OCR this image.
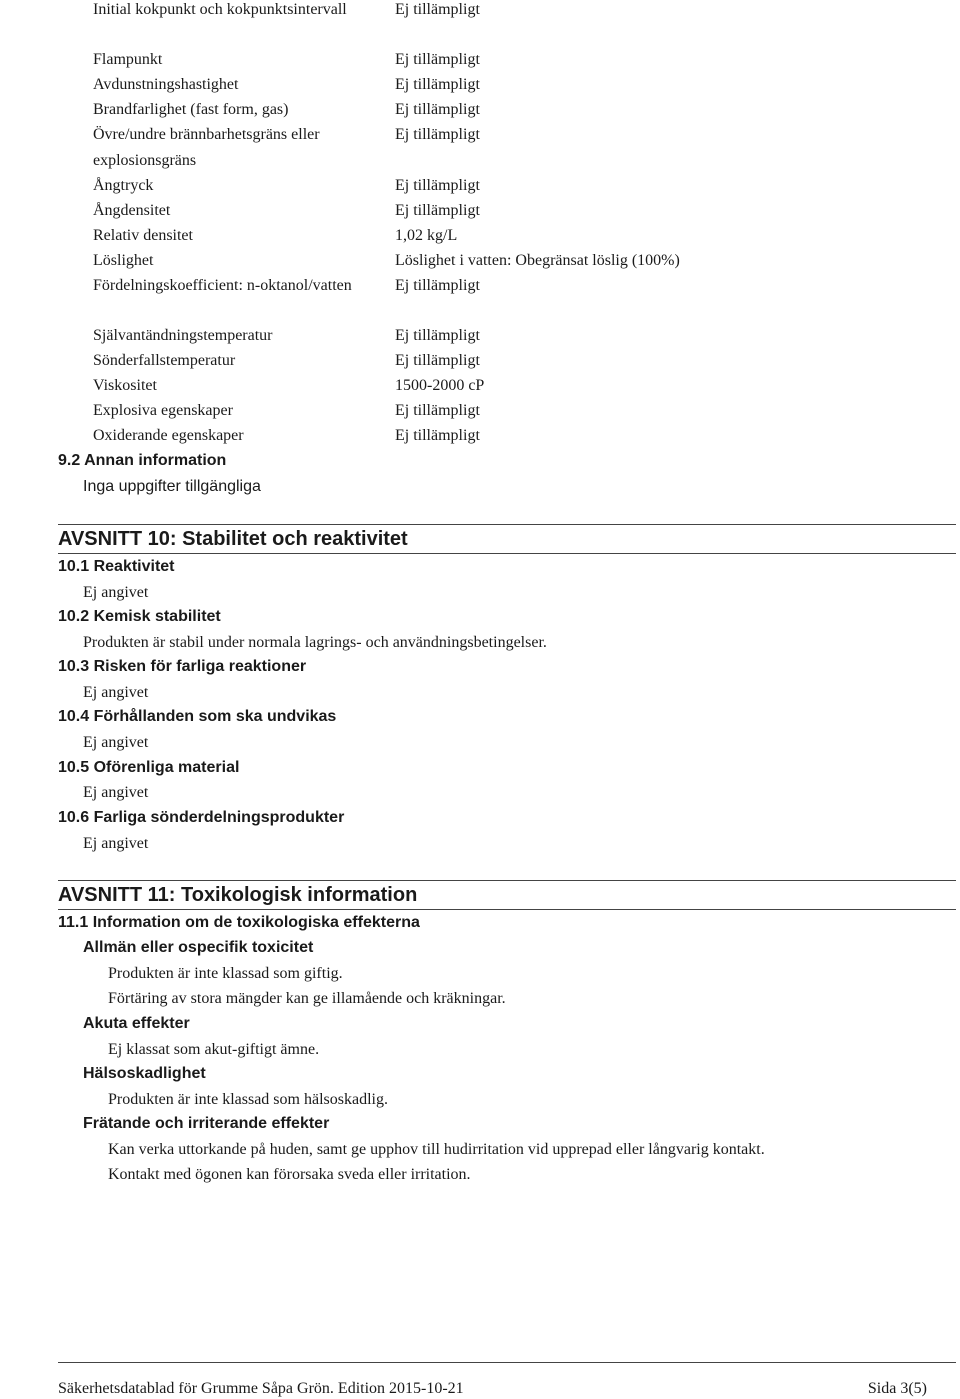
Initial kokpunkt och kokpunktsintervall	Ej tillämpligt
Flampunkt	Ej tillämpligt
Avdunstningshastighet	Ej tillämpligt
Brandfarlighet (fast form, gas)	Ej tillämpligt
Övre/undre brännbarhetsgräns eller	Ej tillämpligt
explosionsgräns
Ångtryck	Ej tillämpligt
Ångdensitet	Ej tillämpligt
Relativ densitet	1,02 kg/L
Löslighet	Löslighet i vatten: Obegränsat löslig (100%)
Fördelningskoefficient: n-oktanol/vatten	Ej tillämpligt
Självantändningstemperatur	Ej tillämpligt
Sönderfallstemperatur	Ej tillämpligt
Viskositet	1500-2000 cP
Explosiva egenskaper	Ej tillämpligt
Oxiderande egenskaper	Ej tillämpligt
9.2 Annan information
Inga uppgifter tillgängliga
AVSNITT 10: Stabilitet och reaktivitet
10.1 Reaktivitet
Ej angivet
10.2 Kemisk stabilitet
Produkten är stabil under normala lagrings- och användningsbetingelser.
10.3 Risken för farliga reaktioner
Ej angivet
10.4 Förhållanden som ska undvikas
Ej angivet
10.5 Oförenliga material
Ej angivet
10.6 Farliga sönderdelningsprodukter
Ej angivet
AVSNITT 11: Toxikologisk information
11.1 Information om de toxikologiska effekterna
Allmän eller ospecifik toxicitet
Produkten är inte klassad som giftig.
Förtäring av stora mängder kan ge illamående och kräkningar.
Akuta effekter
Ej klassat som akut-giftigt ämne.
Hälsoskadlighet
Produkten är inte klassad som hälsoskadlig.
Frätande och irriterande effekter
Kan verka uttorkande på huden, samt ge upphov till hudirritation vid upprepad eller långvarig kontakt.
Kontakt med ögonen kan förorsaka sveda eller irritation.
Säkerhetsdatablad för Grumme Såpa Grön. Edition 2015-10-21	Sida 3(5)
